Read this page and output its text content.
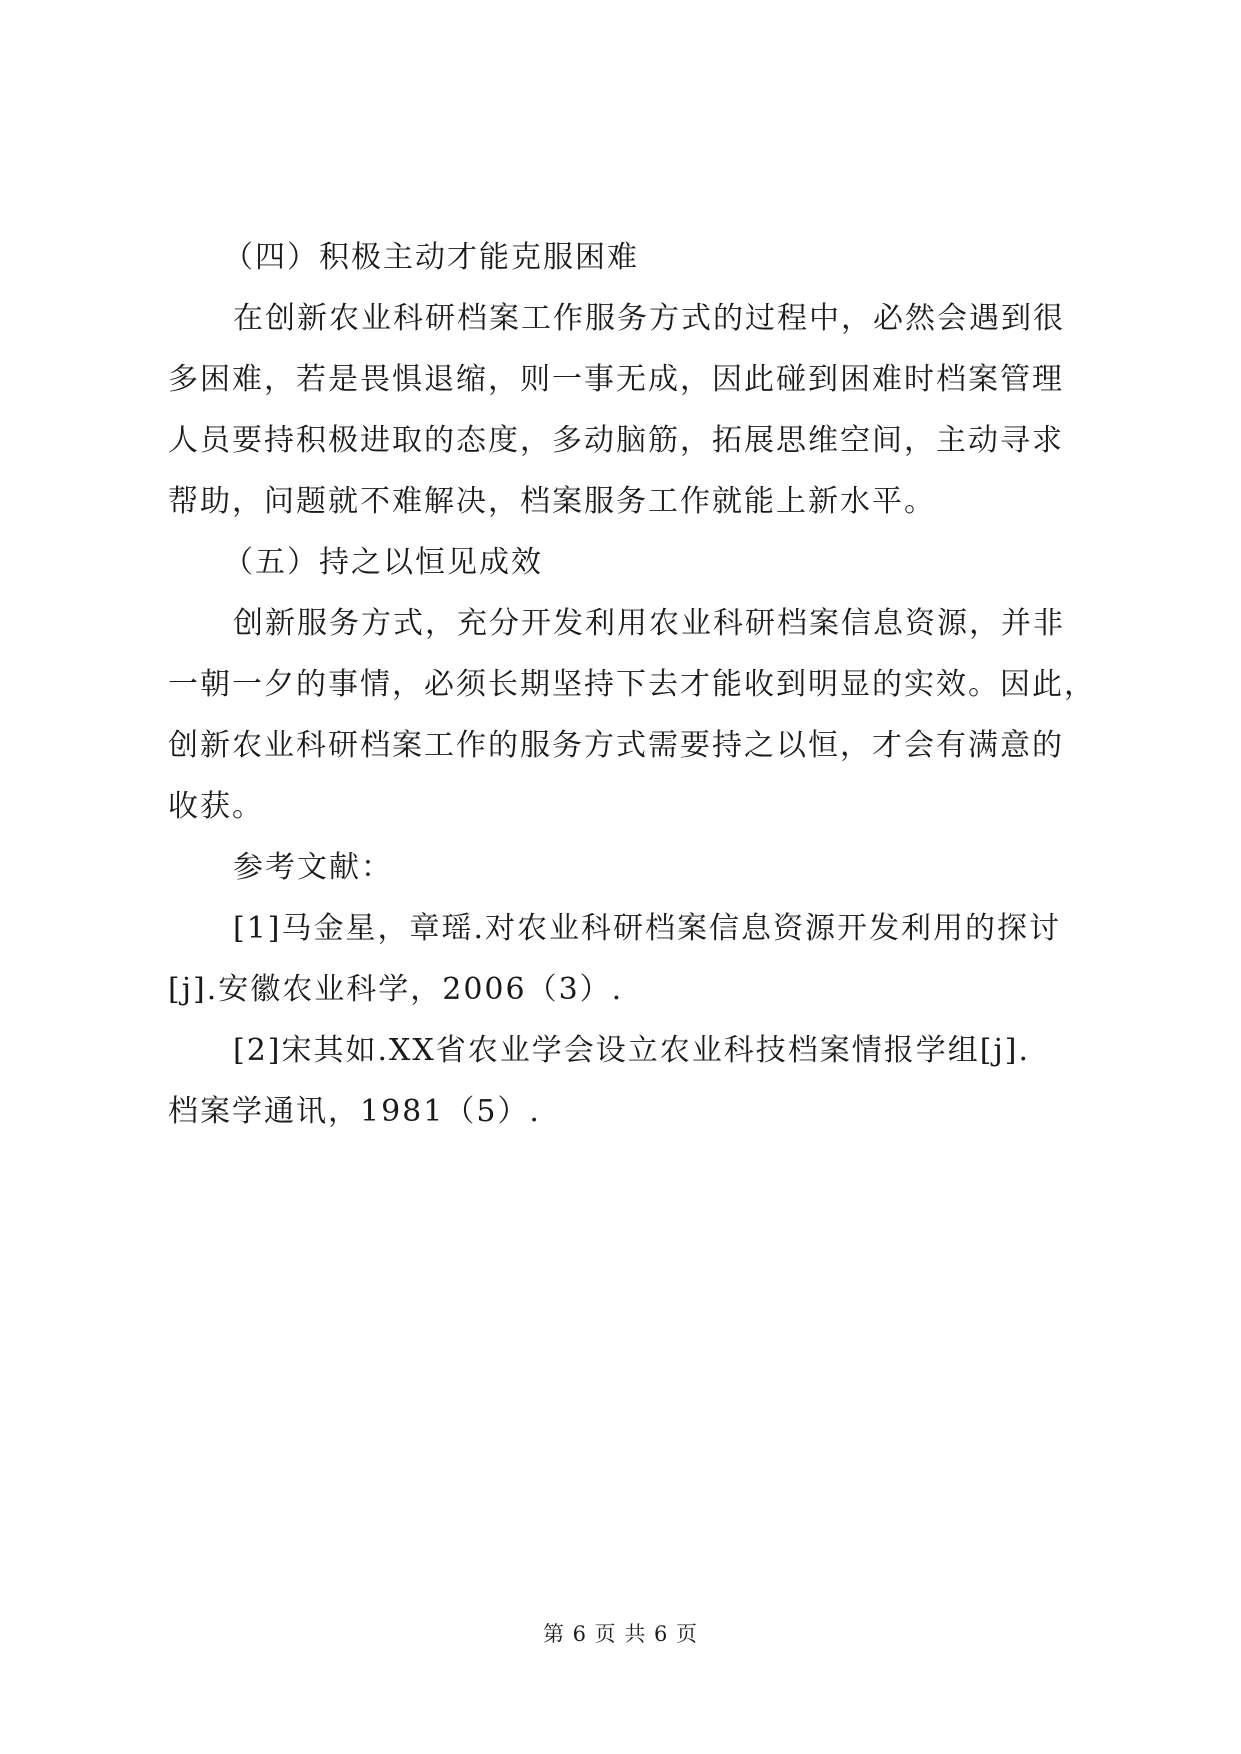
（四）积极主动才能克服困难
在创新农业科研档案工作服务方式的过程中，必然会遇到很
多困难，若是畏惧退缩，则一事无成，因此碰到困难时档案管理
人员要持积极进取的态度，多动脑筋，拓展思维空间，主动寻求
帮助，问题就不难解决，档案服务工作就能上新水平。
（五）持之以恒见成效
创新服务方式，充分开发利用农业科研档案信息资源，并非
一朝一夕的事情，必须长期坚持下去才能收到明显的实效。因此，
创新农业科研档案工作的服务方式需要持之以恒，才会有满意的
收获。
参考文献：
[1]马金星，章瑶.对农业科研档案信息资源开发利用的探讨
[j].安徽农业科学，2006（3）.
[2]宋其如.XX省农业学会设立农业科技档案情报学组[j].
档案学通讯，1981（5）.
第 6 页 共 6 页
